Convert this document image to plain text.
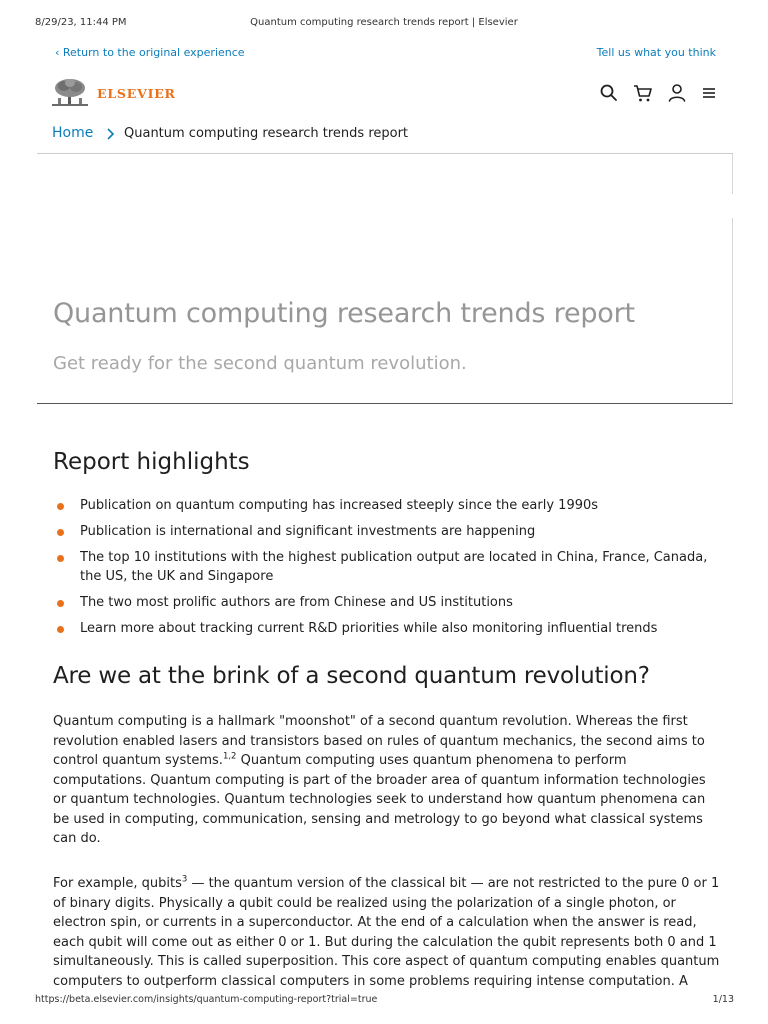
8/29/23, 11:44 PM	Quantum computing research trends report | Elsevier
‹ Return to the original experience	Tell us what you think
ELSEVIER
Home Quantum computing research trends report
Quantum computing research trends report
Get ready for the second quantum revolution.
Report highlights
Publication on quantum computing has increased steeply since the early 1990s
Publication is international and significant investments are happening
The top 10 institutions with the highest publication output are located in China, France, Canada, the US, the UK and Singapore
The two most prolific authors are from Chinese and US institutions
Learn more about tracking current R&D priorities while also monitoring influential trends
Are we at the brink of a second quantum revolution?

Quantum computing is a hallmark "moonshot" of a second quantum revolution. Whereas the first revolution enabled lasers and transistors based on rules of quantum mechanics, the second aims to control quantum systems.$^{1,2}$ Quantum computing uses quantum phenomena to perform computations. Quantum computing is part of the broader area of quantum information technologies or quantum technologies. Quantum technologies seek to understand how quantum phenomena can be used in computing, communication, sensing and metrology to go beyond what classical systems can do.

For example, qubits$^3$ — the quantum version of the classical bit — are not restricted to the pure 0 or 1 of binary digits. Physically a qubit could be realized using the polarization of a single photon, or electron spin, or currents in a superconductor. At the end of a calculation when the answer is read, each qubit will come out as either 0 or 1. But during the calculation the qubit represents both 0 and 1 simultaneously. This is called superposition. This core aspect of quantum computing enables quantum computers to outperform classical computers in some problems requiring intense computation. A

https://beta.elsevier.com/insights/quantum-computing-report?trial=true	1/13
